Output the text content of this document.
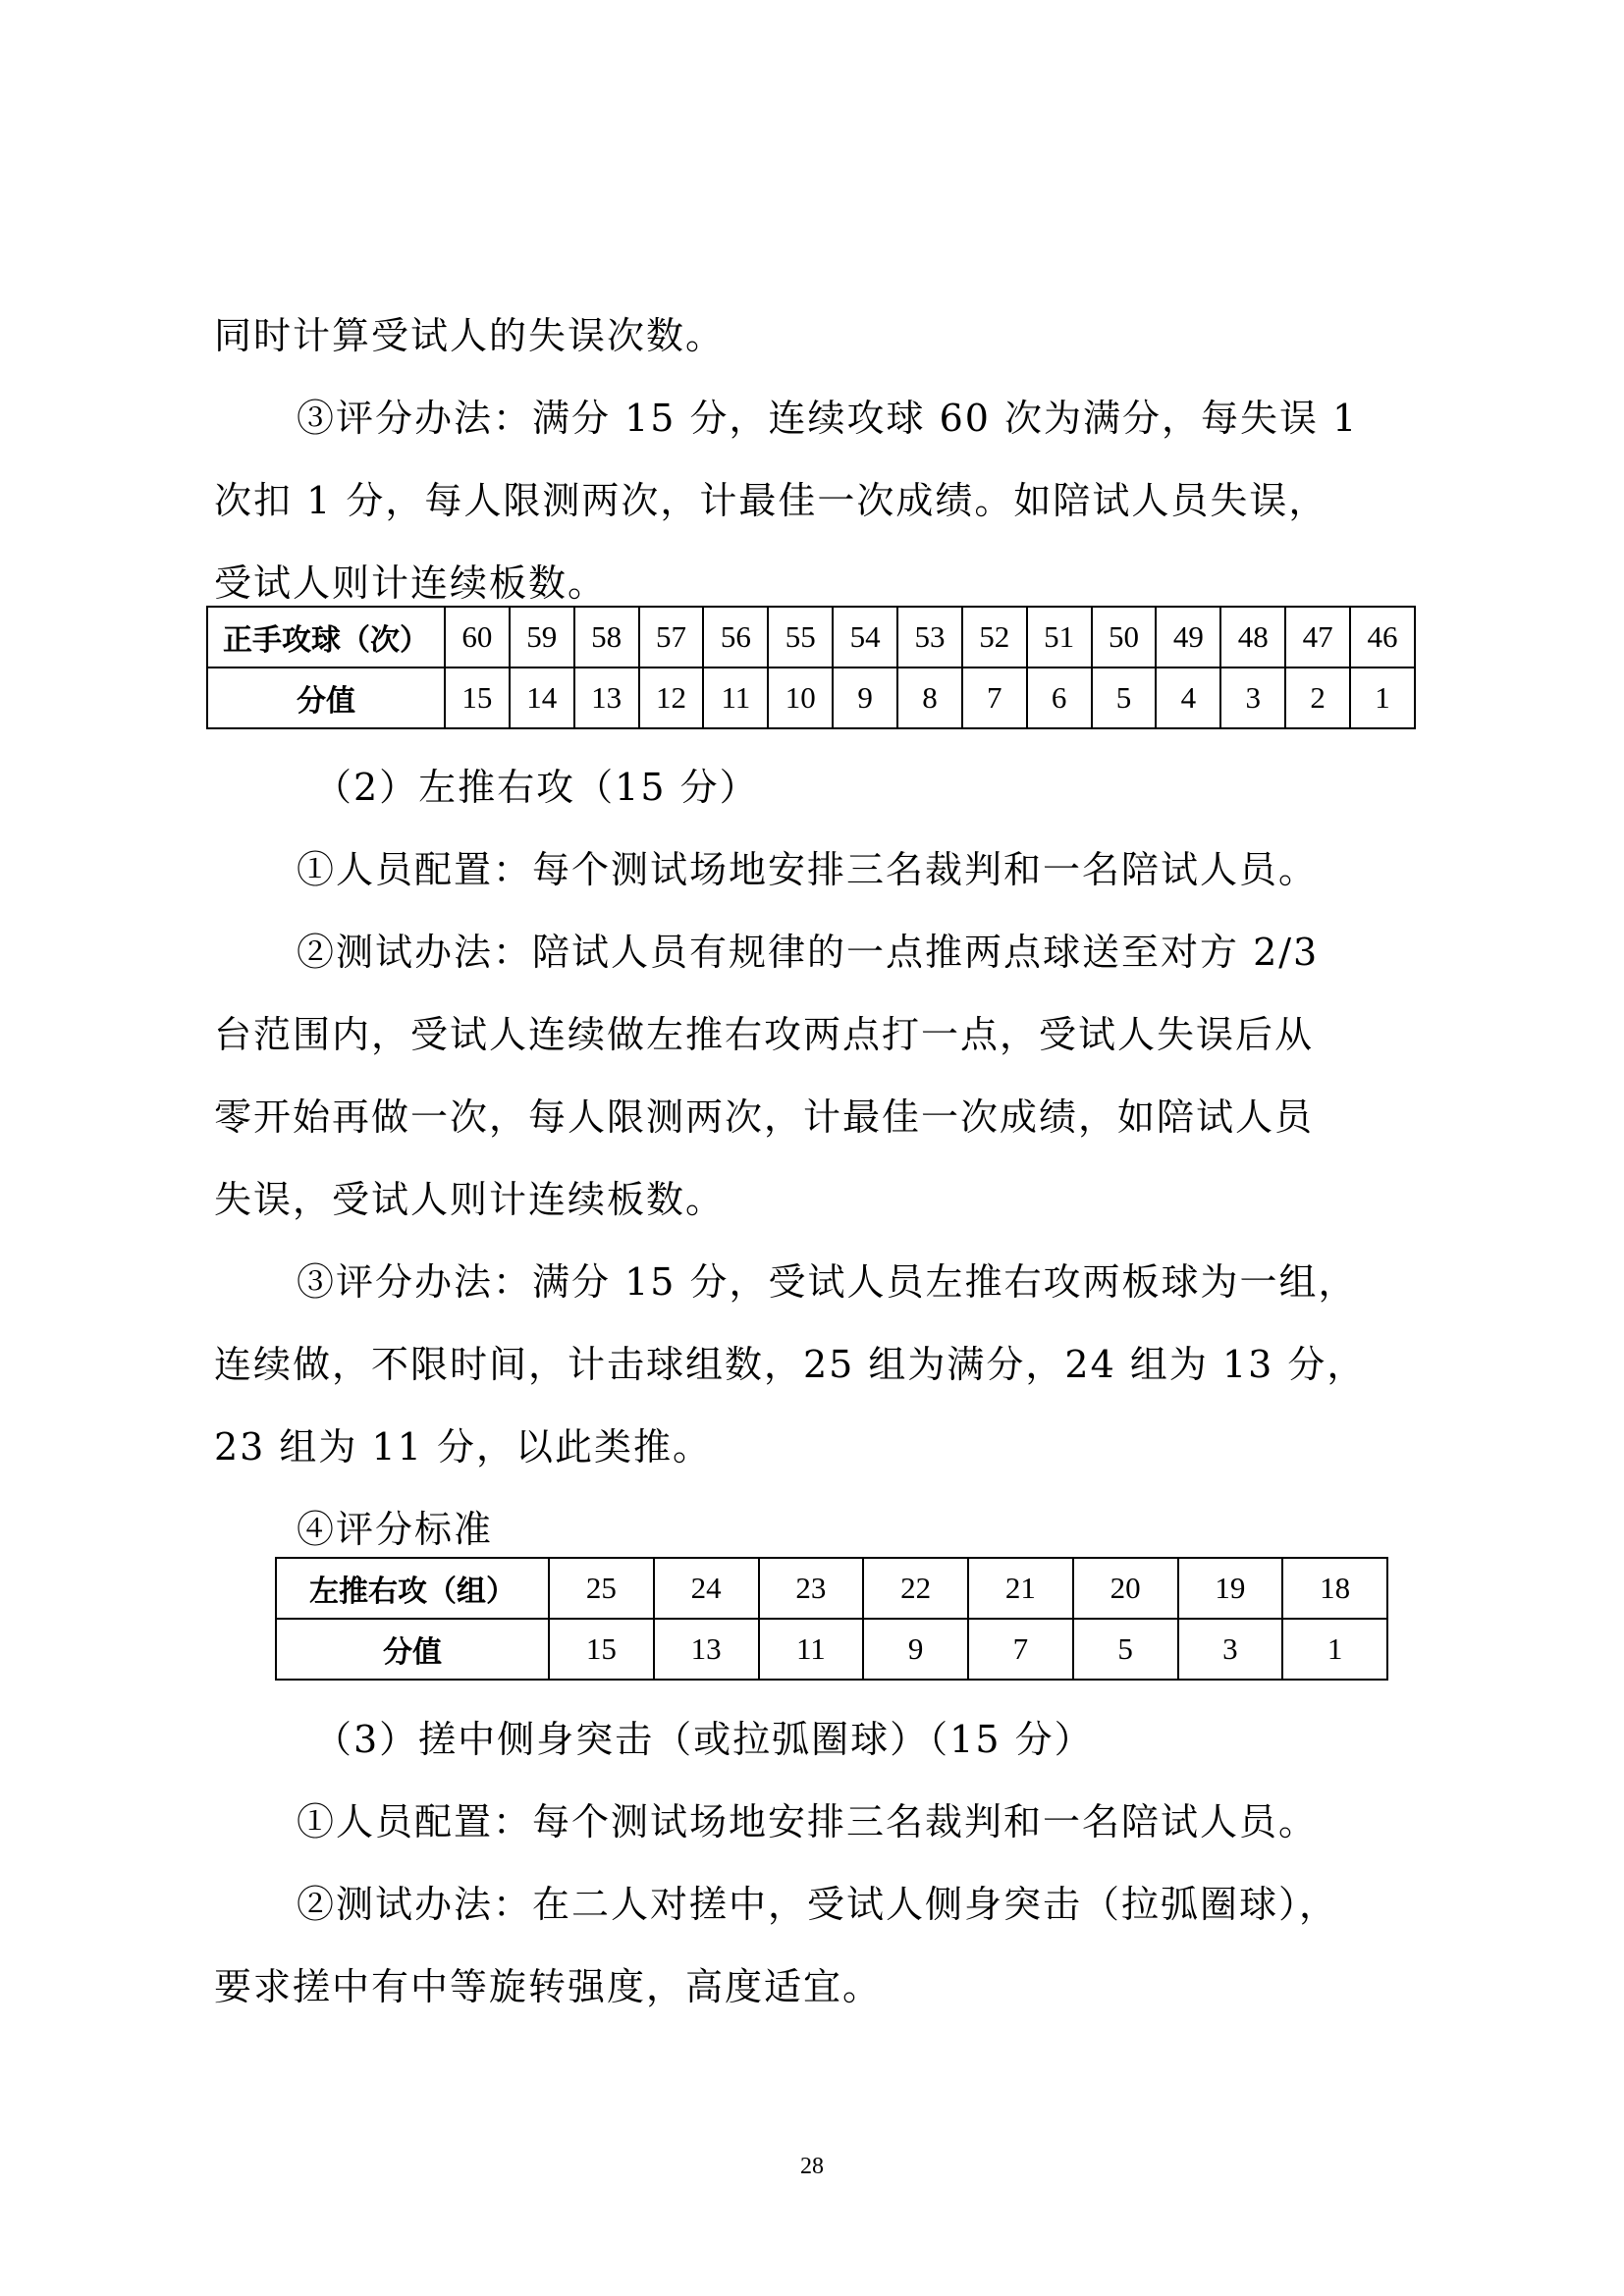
同时计算受试人的失误次数。

③评分办法：满分 15 分，连续攻球 60 次为满分，每失误 1

次扣 1 分，每人限测两次，计最佳一次成绩。如陪试人员失误，

受试人则计连续板数。

正手攻球（次）	60	59	58	57	56	55	54	53	52	51	50	49	48	47	46
分值	15	14	13	12	11	10	9	8	7	6	5	4	3	2	1

（2）左推右攻（15 分）

①人员配置：每个测试场地安排三名裁判和一名陪试人员。

②测试办法：陪试人员有规律的一点推两点球送至对方 2/3

台范围内，受试人连续做左推右攻两点打一点，受试人失误后从

零开始再做一次，每人限测两次，计最佳一次成绩，如陪试人员

失误，受试人则计连续板数。

③评分办法：满分 15 分，受试人员左推右攻两板球为一组，

连续做，不限时间，计击球组数，25 组为满分，24 组为 13 分，

23 组为 11 分，以此类推。

④评分标准

左推右攻（组）	25	24	23	22	21	20	19	18
分值	15	13	11	9	7	5	3	1

（3）搓中侧身突击（或拉弧圈球）（15 分）

①人员配置：每个测试场地安排三名裁判和一名陪试人员。

②测试办法：在二人对搓中，受试人侧身突击（拉弧圈球），

要求搓中有中等旋转强度，高度适宜。

28
